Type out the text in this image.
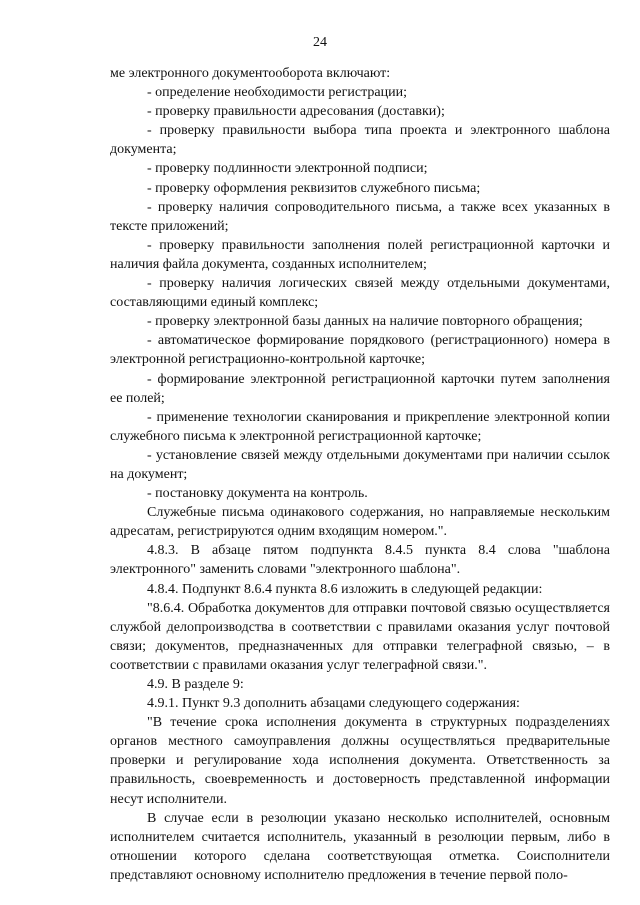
24

ме электронного документооборота включают:

- определение необходимости регистрации;

- проверку правильности адресования (доставки);

- проверку правильности выбора типа проекта и электронного шаблона документа;

- проверку подлинности электронной подписи;

- проверку оформления реквизитов служебного письма;

- проверку наличия сопроводительного письма, а также всех указанных в тексте приложений;

- проверку правильности заполнения полей регистрационной карточки и наличия файла документа, созданных исполнителем;

- проверку наличия логических связей между отдельными документами, составляющими единый комплекс;

- проверку электронной базы данных на наличие повторного обращения;

- автоматическое формирование порядкового (регистрационного) номера в электронной регистрационно-контрольной карточке;

- формирование электронной регистрационной карточки путем заполнения ее полей;

- применение технологии сканирования и прикрепление электронной копии служебного письма к электронной регистрационной карточке;

- установление связей между отдельными документами при наличии ссылок на документ;

- постановку документа на контроль.

Служебные письма одинакового содержания, но направляемые нескольким адресатам, регистрируются одним входящим номером.".

4.8.3. В абзаце пятом подпункта 8.4.5 пункта 8.4 слова "шаблона электронного" заменить словами "электронного шаблона".

4.8.4. Подпункт 8.6.4 пункта 8.6 изложить в следующей редакции:

"8.6.4. Обработка документов для отправки почтовой связью осуществляется службой делопроизводства в соответствии с правилами оказания услуг почтовой связи; документов, предназначенных для отправки телеграфной связью, – в соответствии с правилами оказания услуг телеграфной связи.".

4.9. В разделе 9:

4.9.1. Пункт 9.3 дополнить абзацами следующего содержания:

"В течение срока исполнения документа в структурных подразделениях органов местного самоуправления должны осуществляться предварительные проверки и регулирование хода исполнения документа. Ответственность за правильность, своевременность и достоверность представленной информации несут исполнители.

В случае если в резолюции указано несколько исполнителей, основным исполнителем считается исполнитель, указанный в резолюции первым, либо в отношении которого сделана соответствующая отметка. Соисполнители представляют основному исполнителю предложения в течение первой поло-
